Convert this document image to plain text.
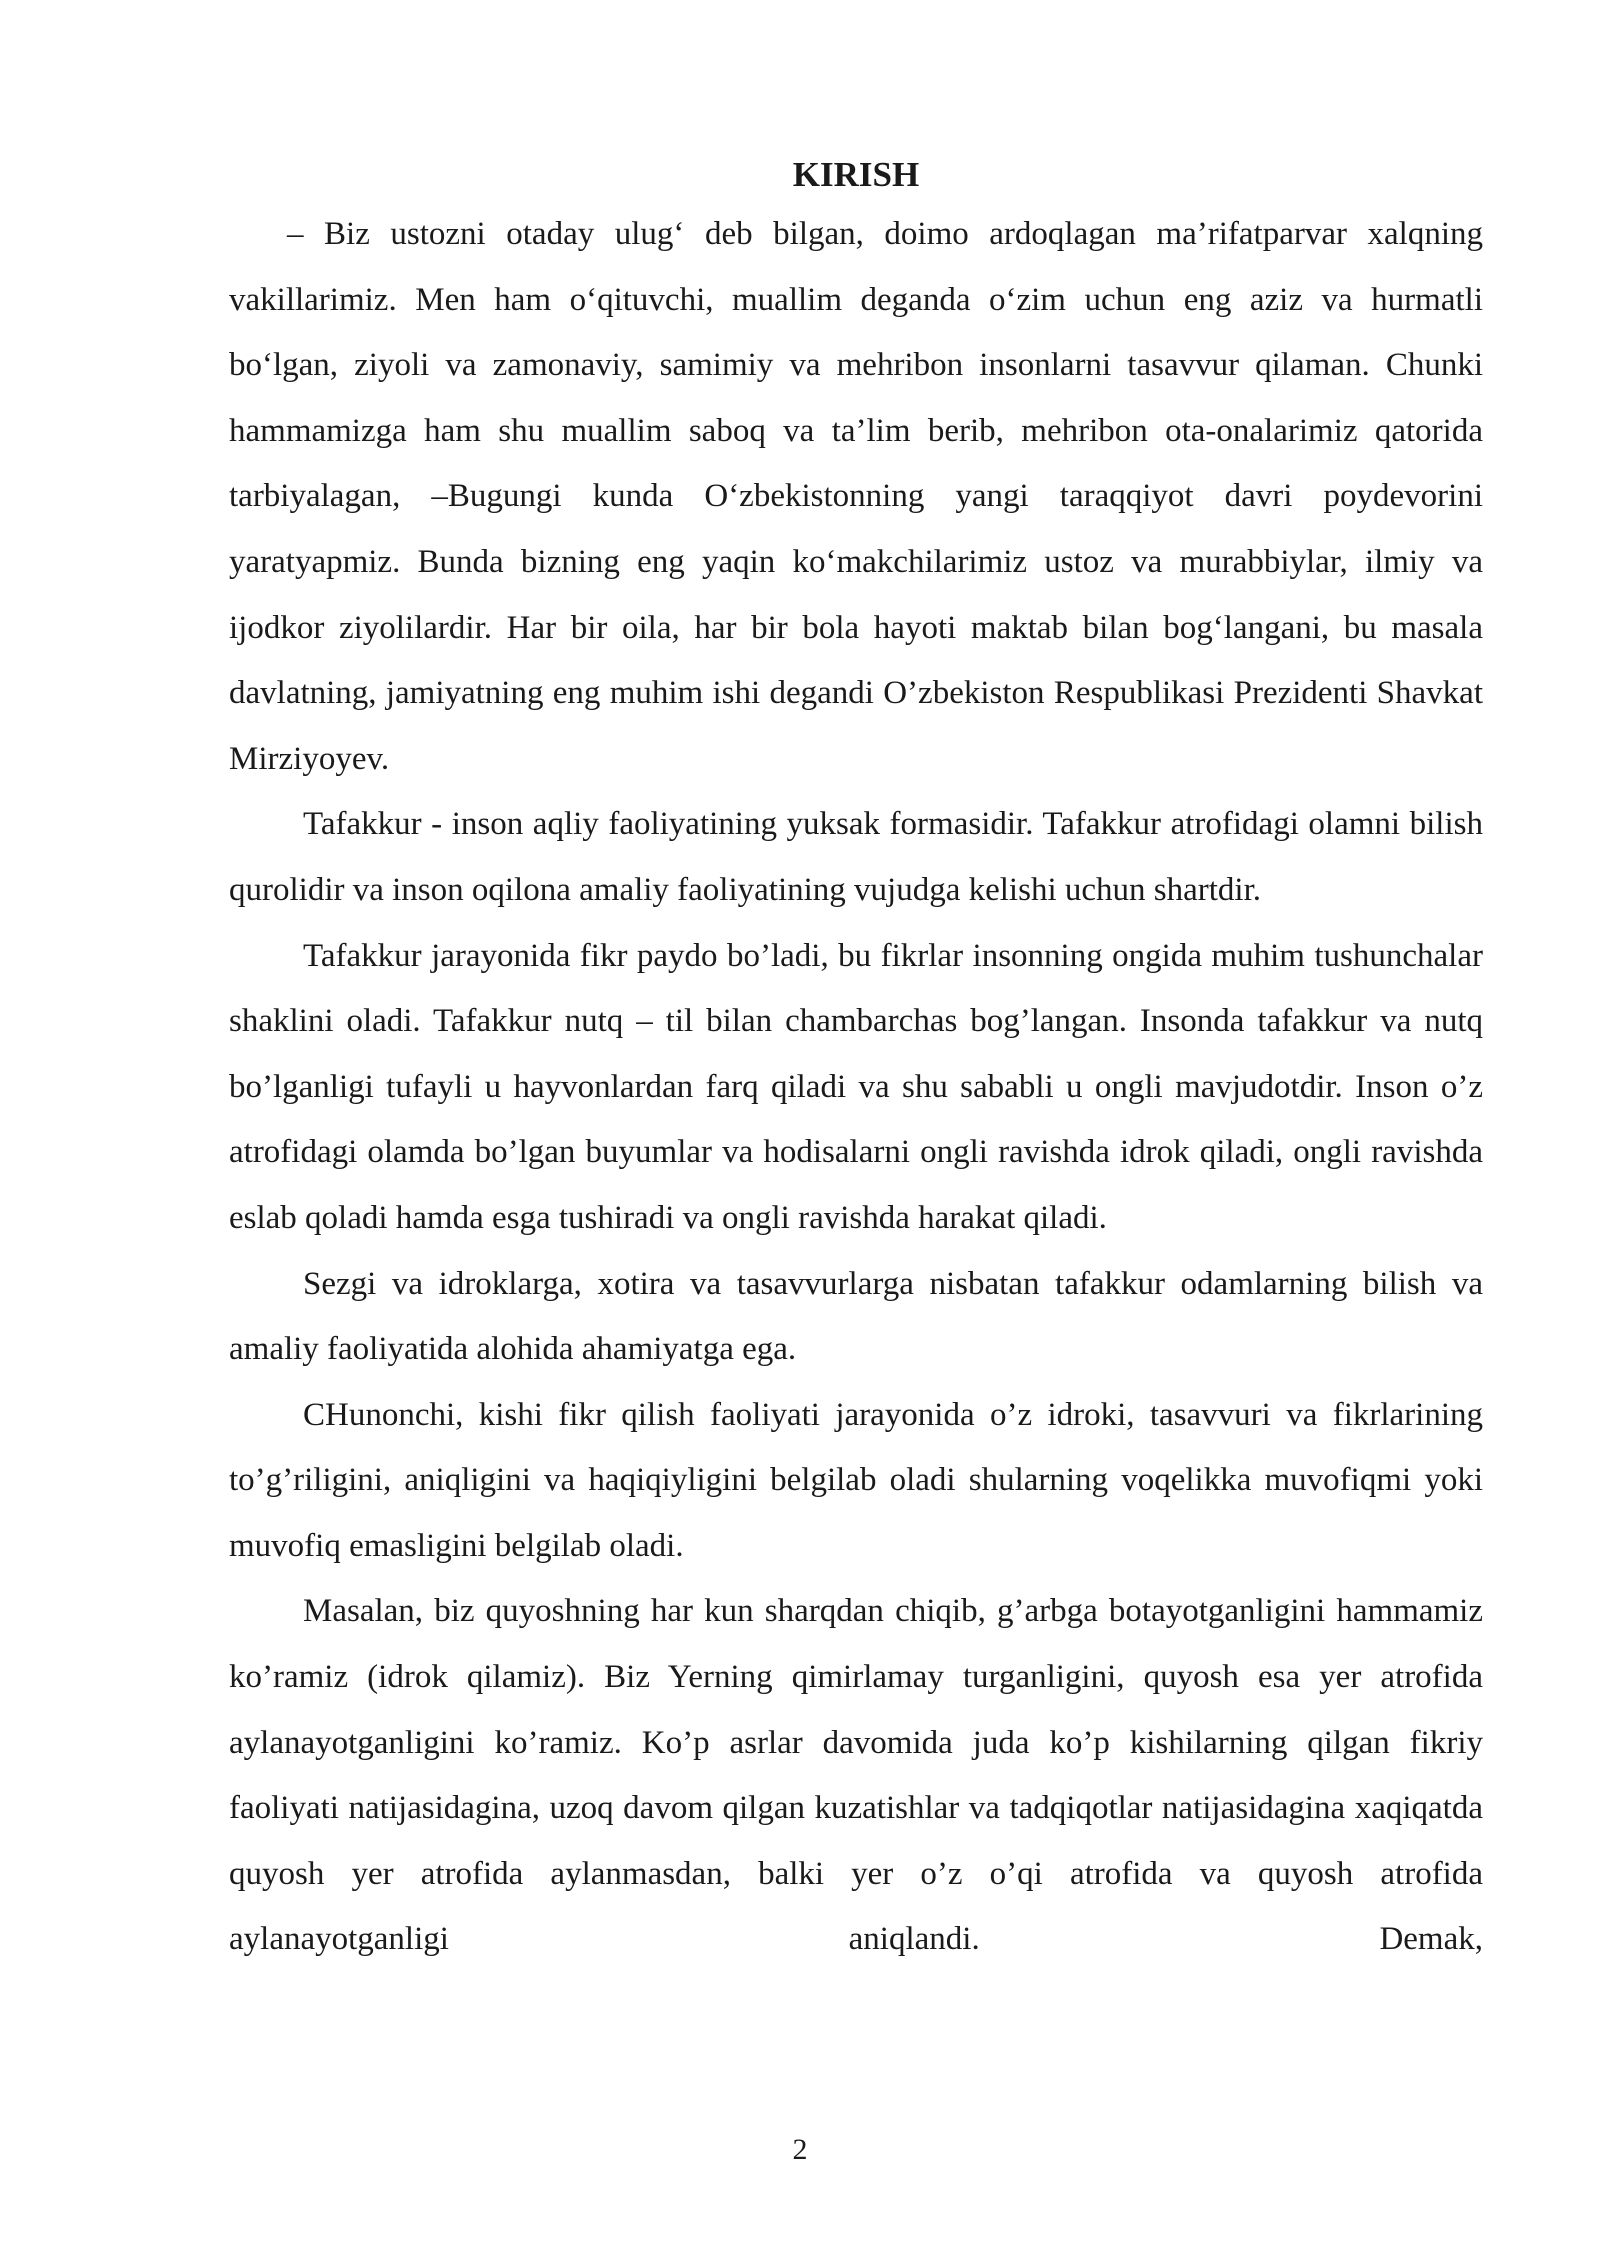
KIRISH

– Biz ustozni otaday ulug‘ deb bilgan, doimo ardoqlagan ma’rifatparvar xalqning vakillarimiz. Men ham o‘qituvchi, muallim deganda o‘zim uchun eng aziz va hurmatli bo‘lgan, ziyoli va zamonaviy, samimiy va mehribon insonlarni tasavvur qilaman. Chunki hammamizga ham shu muallim saboq va ta’lim berib, mehribon ota-onalarimiz qatorida tarbiyalagan, –Bugungi kunda O‘zbekistonning yangi taraqqiyot davri poydevorini yaratyapmiz. Bunda bizning eng yaqin ko‘makchilarimiz ustoz va murabbiylar, ilmiy va ijodkor ziyolilardir. Har bir oila, har bir bola hayoti maktab bilan bog‘langani, bu masala davlatning, jamiyatning eng muhim ishi degandi O’zbekiston Respublikasi Prezidenti Shavkat Mirziyoyev.

Tafakkur - inson aqliy faoliyatining yuksak formasidir. Tafakkur atrofidagi olamni bilish qurolidir va inson oqilona amaliy faoliyatining vujudga kelishi uchun shartdir.

Tafakkur jarayonida fikr paydo bo’ladi, bu fikrlar insonning ongida muhim tushunchalar shaklini oladi. Tafakkur nutq – til bilan chambarchas bog’langan. Insonda tafakkur va nutq bo’lganligi tufayli u hayvonlardan farq qiladi va shu sababli u ongli mavjudotdir. Inson o’z atrofidagi olamda bo’lgan buyumlar va hodisalarni ongli ravishda idrok qiladi, ongli ravishda eslab qoladi hamda esga tushiradi va ongli ravishda harakat qiladi.

Sezgi va idroklarga, xotira va tasavvurlarga nisbatan tafakkur odamlarning bilish va amaliy faoliyatida alohida ahamiyatga ega.

CHunonchi, kishi fikr qilish faoliyati jarayonida o’z idroki, tasavvuri va fikrlarining to’g’riligini, aniqligini va haqiqiyligini belgilab oladi shularning voqelikka muvofiqmi yoki muvofiq emasligini belgilab oladi.

Masalan, biz quyoshning har kun sharqdan chiqib, g’arbga botayotganligini hammamiz ko’ramiz (idrok qilamiz). Biz Yerning qimirlamay turganligini, quyosh esa yer atrofida aylanayotganligini ko’ramiz. Ko’p asrlar davomida juda ko’p kishilarning qilgan fikriy faoliyati natijasidagina, uzoq davom qilgan kuzatishlar va tadqiqotlar natijasidagina xaqiqatda quyosh yer atrofida aylanmasdan, balki yer o’z o’qi atrofida va quyosh atrofida aylanayotganligi aniqlandi. Demak,

2
